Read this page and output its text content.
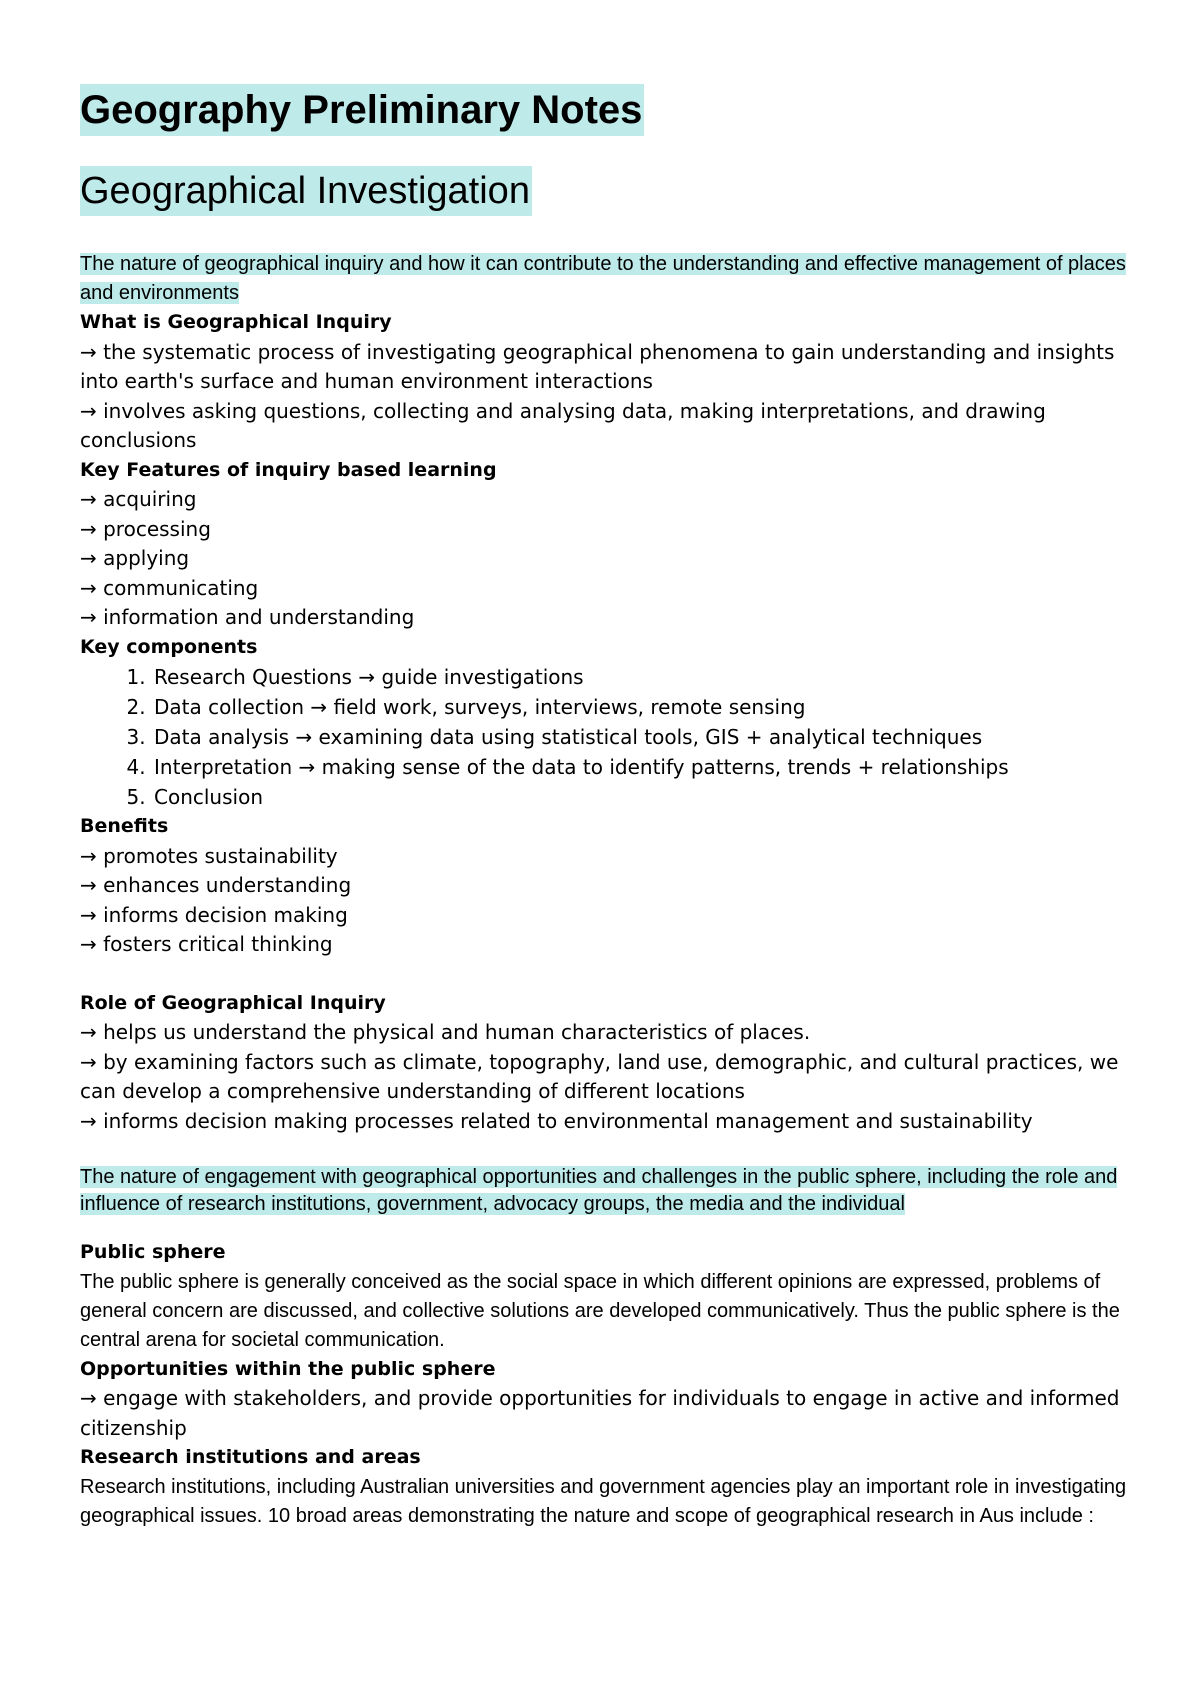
Geography Preliminary Notes
Geographical Investigation
The nature of geographical inquiry and how it can contribute to the understanding and effective management of places and environments
What is Geographical Inquiry
→ the systematic process of investigating geographical phenomena to gain understanding and insights into earth's surface and human environment interactions
→ involves asking questions, collecting and analysing data, making interpretations, and drawing conclusions
Key Features of inquiry based learning
→ acquiring
→ processing
→ applying
→ communicating
→ information and understanding
Key components
1. Research Questions → guide investigations
2. Data collection → field work, surveys, interviews, remote sensing
3. Data analysis → examining data using statistical tools, GIS + analytical techniques
4. Interpretation → making sense of the data to identify patterns, trends + relationships
5. Conclusion
Benefits
→ promotes sustainability
→ enhances understanding
→ informs decision making
→ fosters critical thinking
Role of Geographical Inquiry
→ helps us understand the physical and human characteristics of places.
→ by examining factors such as climate, topography, land use, demographic, and cultural practices, we can develop a comprehensive understanding of different locations
→ informs decision making processes related to environmental management and sustainability
The nature of engagement with geographical opportunities and challenges in the public sphere, including the role and influence of research institutions, government, advocacy groups, the media and the individual
Public sphere
The public sphere is generally conceived as the social space in which different opinions are expressed, problems of general concern are discussed, and collective solutions are developed communicatively. Thus the public sphere is the central arena for societal communication.
Opportunities within the public sphere
→ engage with stakeholders, and provide opportunities for individuals to engage in active and informed citizenship
Research institutions and areas
Research institutions, including Australian universities and government agencies play an important role in investigating geographical issues. 10 broad areas demonstrating the nature and scope of geographical research in Aus include :
